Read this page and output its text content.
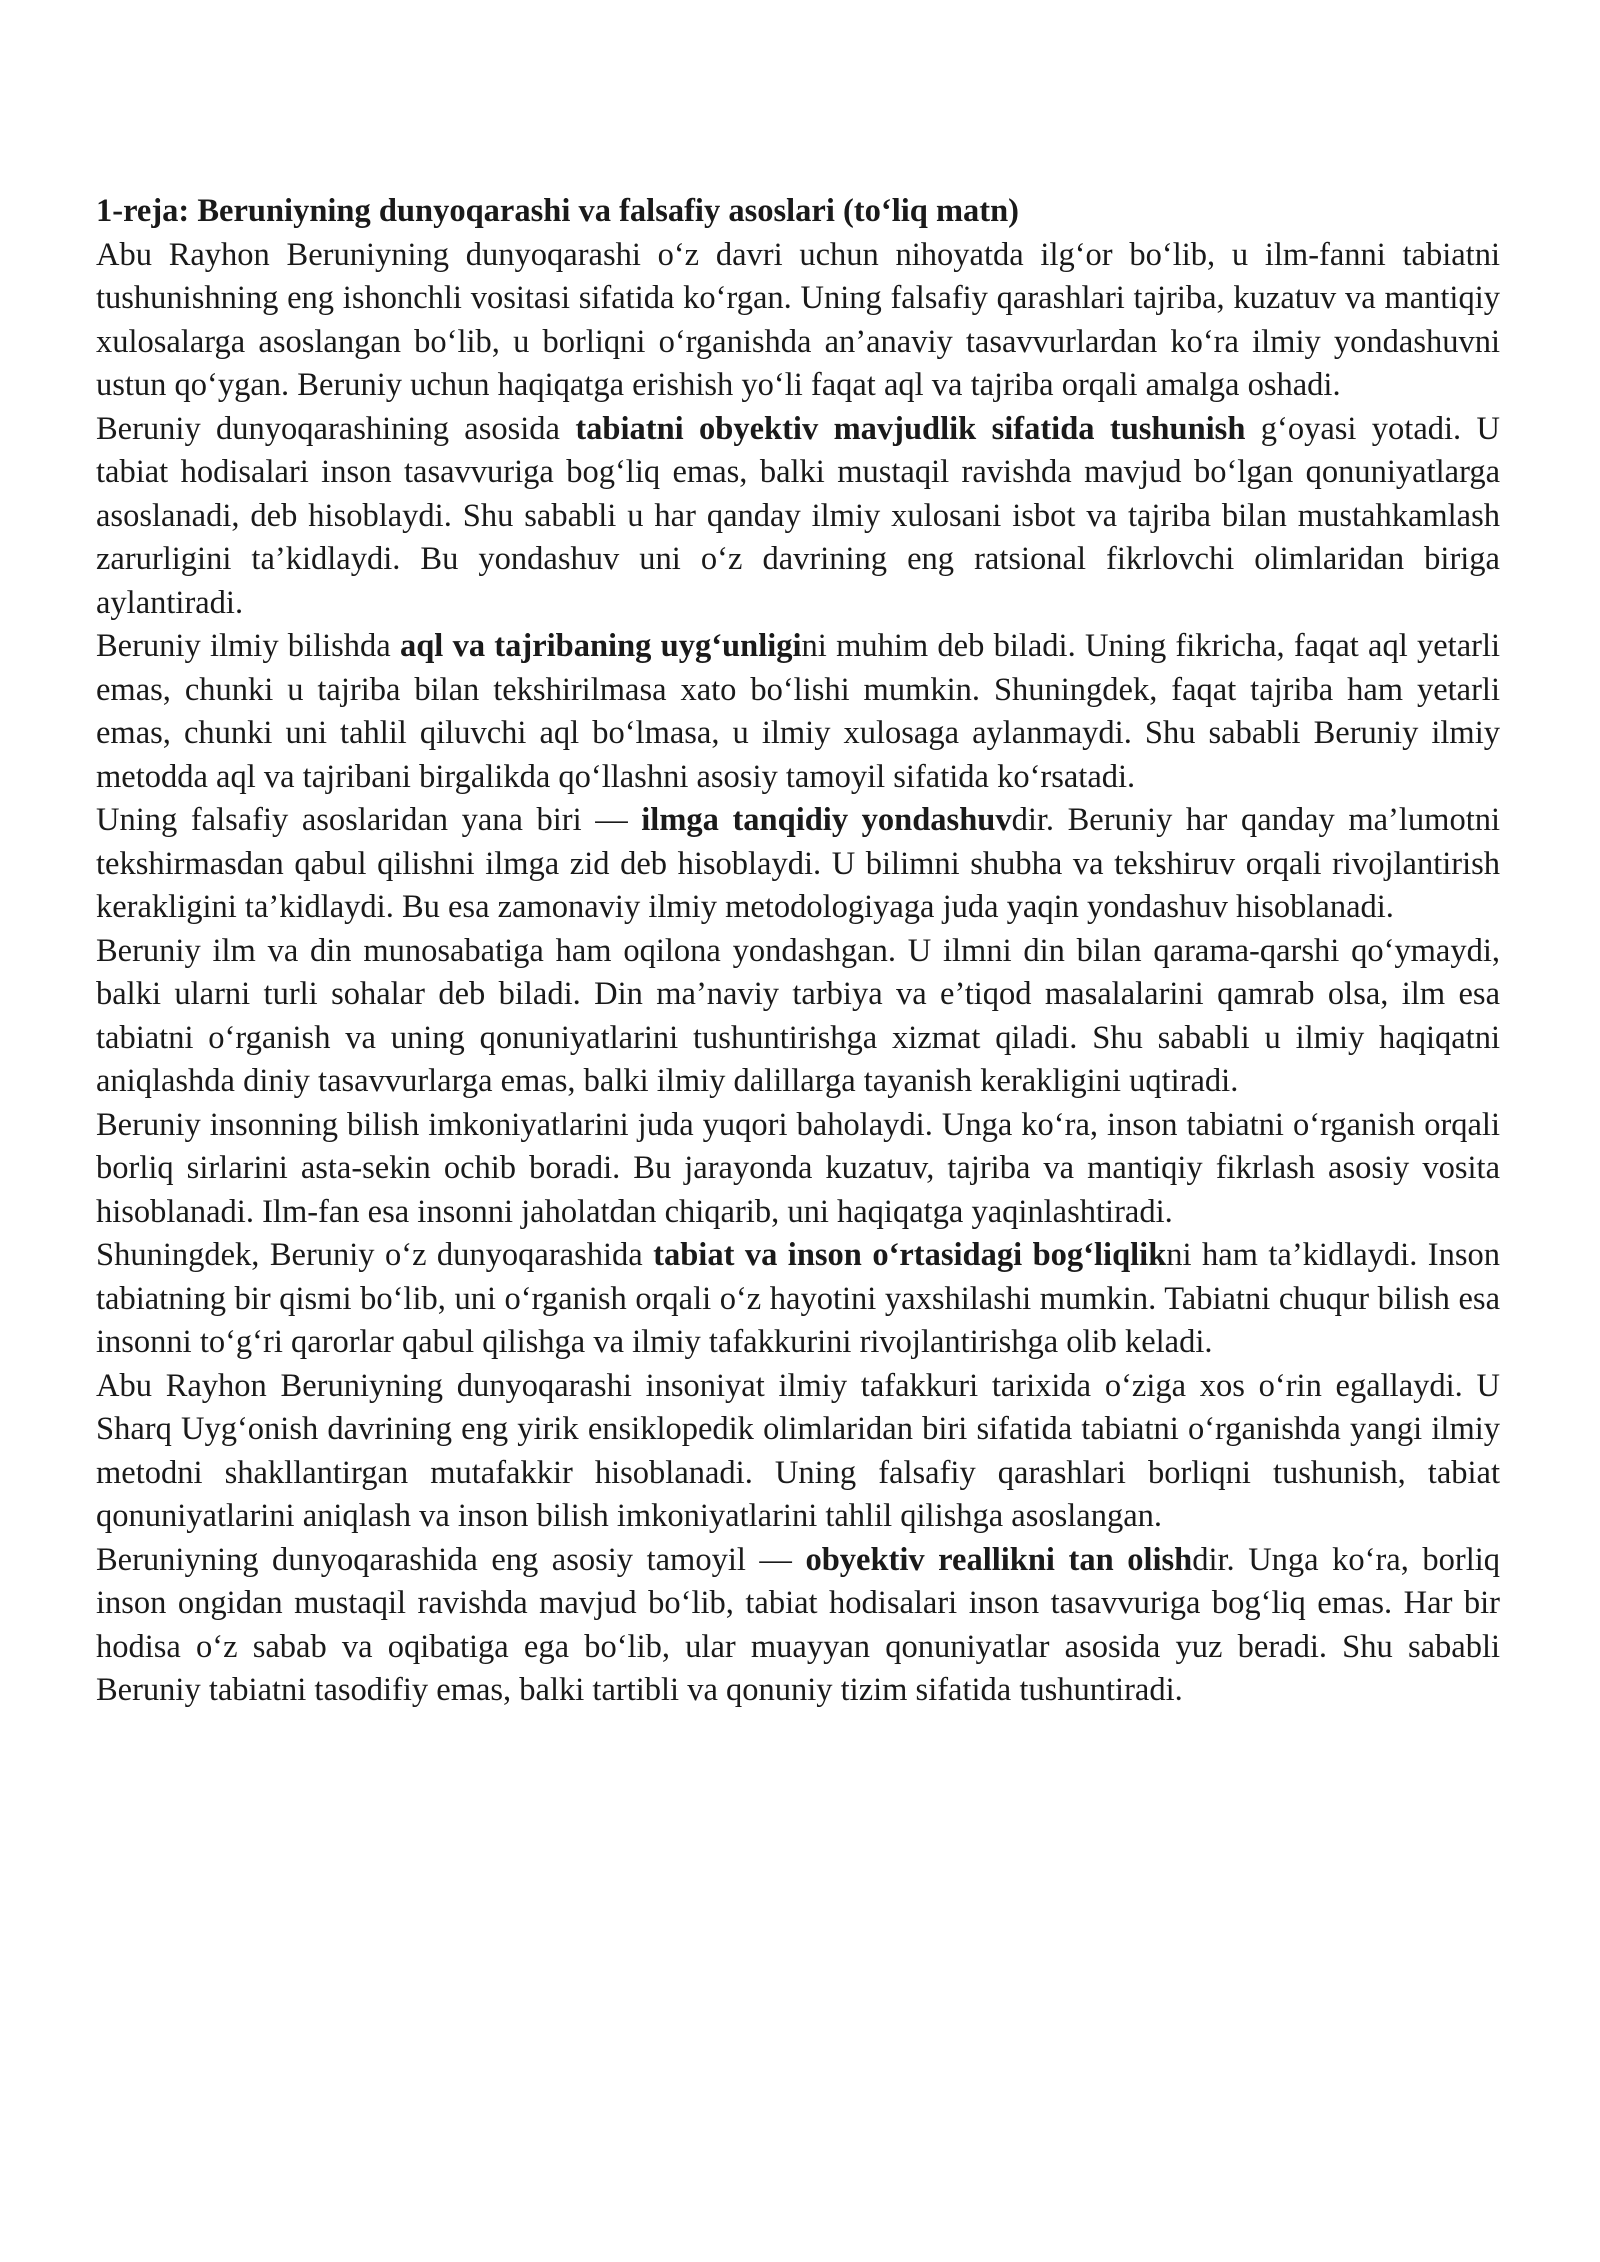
1-reja: Beruniyning dunyoqarashi va falsafiy asoslari (to‘liq matn)

Abu Rayhon Beruniyning dunyoqarashi o‘z davri uchun nihoyatda ilg‘or bo‘lib, u ilm-fanni tabiatni tushunishning eng ishonchli vositasi sifatida ko‘rgan. Uning falsafiy qarashlari tajriba, kuzatuv va mantiqiy xulosalarga asoslangan bo‘lib, u borliqni o‘rganishda an’anaviy tasavvurlardan ko‘ra ilmiy yondashuvni ustun qo‘ygan. Beruniy uchun haqiqatga erishish yo‘li faqat aql va tajriba orqali amalga oshadi.

Beruniy dunyoqarashining asosida tabiatni obyektiv mavjudlik sifatida tushunish g‘oyasi yotadi. U tabiat hodisalari inson tasavvuriga bog‘liq emas, balki mustaqil ravishda mavjud bo‘lgan qonuniyatlarga asoslanadi, deb hisoblaydi. Shu sababli u har qanday ilmiy xulosani isbot va tajriba bilan mustahkamlash zarurligini ta’kidlaydi. Bu yondashuv uni o‘z davrining eng ratsional fikrlovchi olimlaridan biriga aylantiradi.

Beruniy ilmiy bilishda aql va tajribaning uyg‘unligini muhim deb biladi. Uning fikricha, faqat aql yetarli emas, chunki u tajriba bilan tekshirilmasa xato bo‘lishi mumkin. Shuningdek, faqat tajriba ham yetarli emas, chunki uni tahlil qiluvchi aql bo‘lmasa, u ilmiy xulosaga aylanmaydi. Shu sababli Beruniy ilmiy metodda aql va tajribani birgalikda qo‘llashni asosiy tamoyil sifatida ko‘rsatadi.

Uning falsafiy asoslaridan yana biri — ilmga tanqidiy yondashuvdir. Beruniy har qanday ma’lumotni tekshirmasdan qabul qilishni ilmga zid deb hisoblaydi. U bilimni shubha va tekshiruv orqali rivojlantirish kerakligini ta’kidlaydi. Bu esa zamonaviy ilmiy metodologiyaga juda yaqin yondashuv hisoblanadi.

Beruniy ilm va din munosabatiga ham oqilona yondashgan. U ilmni din bilan qarama-qarshi qo‘ymaydi, balki ularni turli sohalar deb biladi. Din ma’naviy tarbiya va e’tiqod masalalarini qamrab olsa, ilm esa tabiatni o‘rganish va uning qonuniyatlarini tushuntirishga xizmat qiladi. Shu sababli u ilmiy haqiqatni aniqlashda diniy tasavvurlarga emas, balki ilmiy dalillarga tayanish kerakligini uqtiradi.

Beruniy insonning bilish imkoniyatlarini juda yuqori baholaydi. Unga ko‘ra, inson tabiatni o‘rganish orqali borliq sirlarini asta-sekin ochib boradi. Bu jarayonda kuzatuv, tajriba va mantiqiy fikrlash asosiy vosita hisoblanadi. Ilm-fan esa insonni jaholatdan chiqarib, uni haqiqatga yaqinlashtiradi.

Shuningdek, Beruniy o‘z dunyoqarashida tabiat va inson o‘rtasidagi bog‘liqlikni ham ta’kidlaydi. Inson tabiatning bir qismi bo‘lib, uni o‘rganish orqali o‘z hayotini yaxshilashi mumkin. Tabiatni chuqur bilish esa insonni to‘g‘ri qarorlar qabul qilishga va ilmiy tafakkurini rivojlantirishga olib keladi.

Abu Rayhon Beruniyning dunyoqarashi insoniyat ilmiy tafakkuri tarixida o‘ziga xos o‘rin egallaydi. U Sharq Uyg‘onish davrining eng yirik ensiklopedik olimlaridan biri sifatida tabiatni o‘rganishda yangi ilmiy metodni shakllantirgan mutafakkir hisoblanadi. Uning falsafiy qarashlari borliqni tushunish, tabiat qonuniyatlarini aniqlash va inson bilish imkoniyatlarini tahlil qilishga asoslangan.

Beruniyning dunyoqarashida eng asosiy tamoyil — obyektiv reallikni tan olishdir. Unga ko‘ra, borliq inson ongidan mustaqil ravishda mavjud bo‘lib, tabiat hodisalari inson tasavvuriga bog‘liq emas. Har bir hodisa o‘z sabab va oqibatiga ega bo‘lib, ular muayyan qonuniyatlar asosida yuz beradi. Shu sababli Beruniy tabiatni tasodifiy emas, balki tartibli va qonuniy tizim sifatida tushuntiradi.
